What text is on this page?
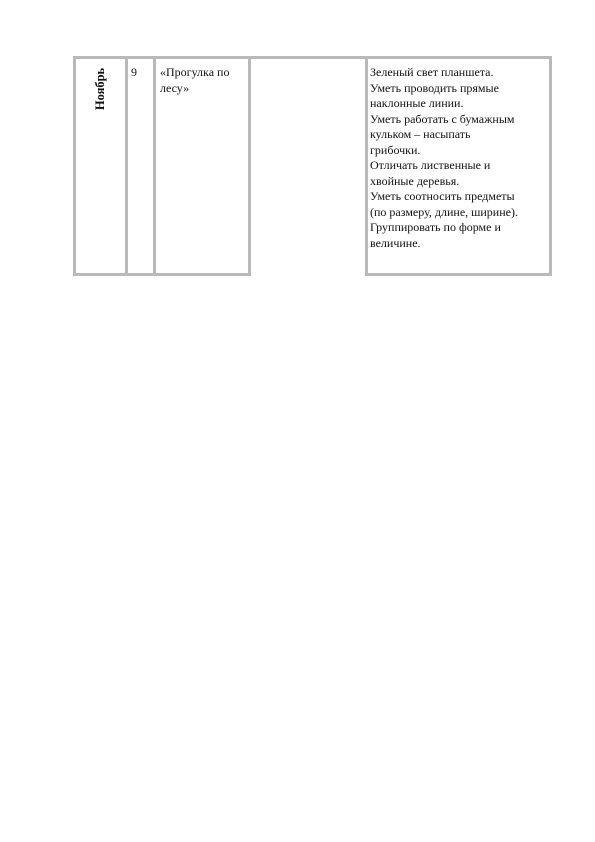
Ноябрь 9	«Прогулка по лесу»
Зеленый свет планшета.
Уметь проводить прямые
наклонные линии.
Уметь работать с бумажным
кульком – насыпать
грибочки.
Отличать лиственные и
хвойные деревья.
Уметь соотносить предметы
(по размеру, длине, ширине).
Группировать по форме и
величине.
